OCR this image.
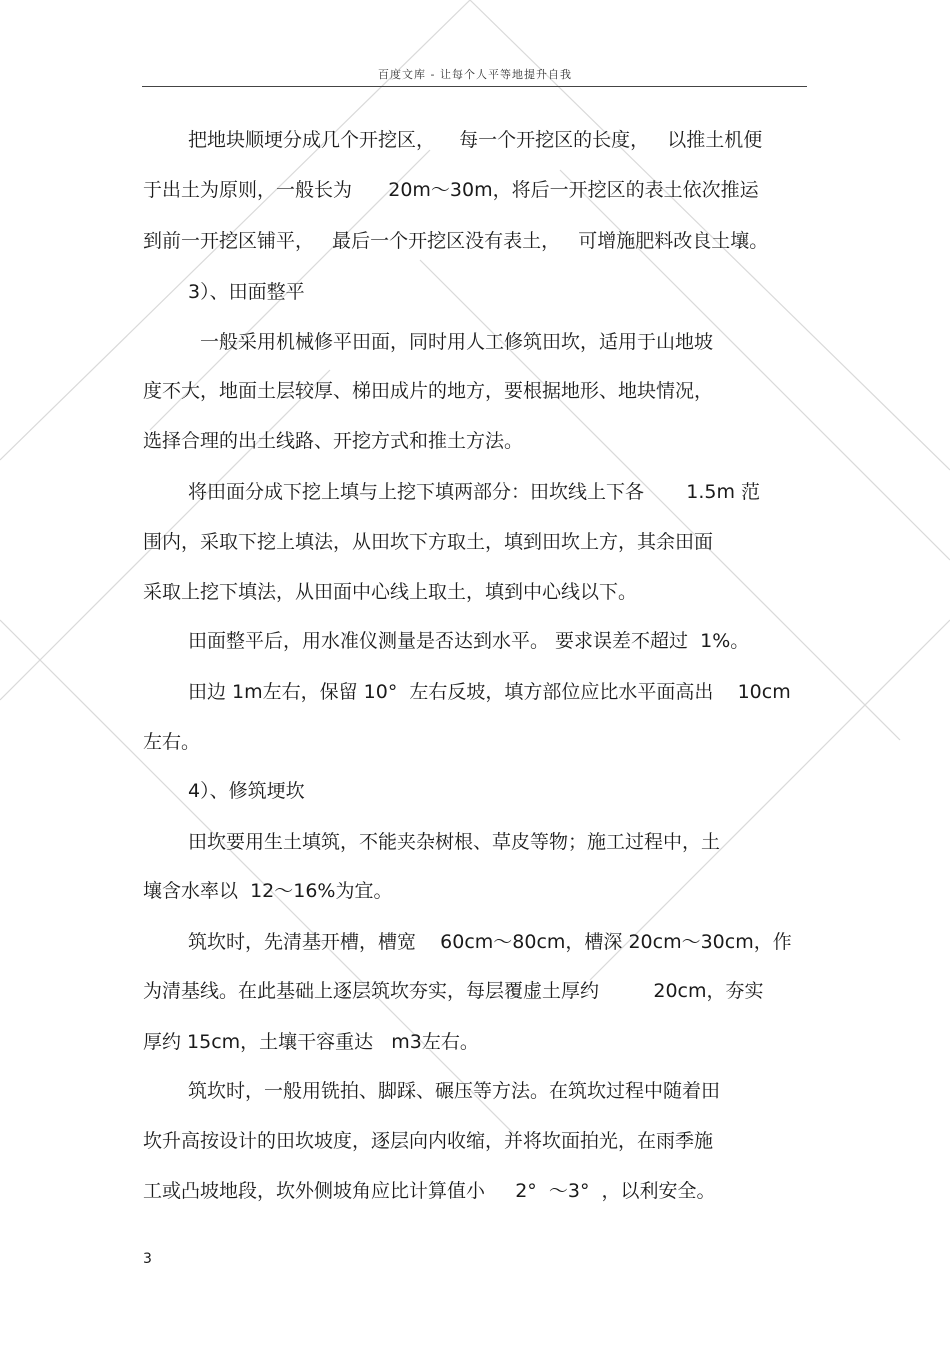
百度文库 - 让每个人平等地提升自我
把地块顺埂分成几个开挖区，    每一个开挖区的长度，   以推土机便
于出土为原则，一般长为      20m～30m，将后一开挖区的表土依次推运
到前一开挖区铺平，   最后一个开挖区没有表土，   可增施肥料改良土壤。
3）、田面整平
一般采用机械修平田面，同时用人工修筑田坎，适用于山地坡
度不大，地面土层较厚、梯田成片的地方，要根据地形、地块情况，
选择合理的出土线路、开挖方式和推土方法。
将田面分成下挖上填与上挖下填两部分：田坎线上下各       1.5m 范
围内，采取下挖上填法，从田坎下方取土，填到田坎上方，其余田面
采取上挖下填法，从田面中心线上取土，填到中心线以下。
田面整平后，用水准仪测量是否达到水平。 要求误差不超过  1%。
田边 1m左右，保留 10°  左右反坡，填方部位应比水平面高出    10cm
左右。
4）、修筑埂坎
田坎要用生土填筑，不能夹杂树根、草皮等物；施工过程中，土
壤含水率以  12～16%为宜。
筑坎时，先清基开槽，槽宽    60cm～80cm，槽深 20cm～30cm，作
为清基线。在此基础上逐层筑坎夯实，每层覆虚土厚约         20cm，夯实
厚约 15cm，土壤干容重达   m3左右。
筑坎时，一般用铣拍、脚踩、碾压等方法。在筑坎过程中随着田
坎升高按设计的田坎坡度，逐层向内收缩，并将坎面拍光，在雨季施
工或凸坡地段，坎外侧坡角应比计算值小     2°  ～3°  ，以利安全。
3
